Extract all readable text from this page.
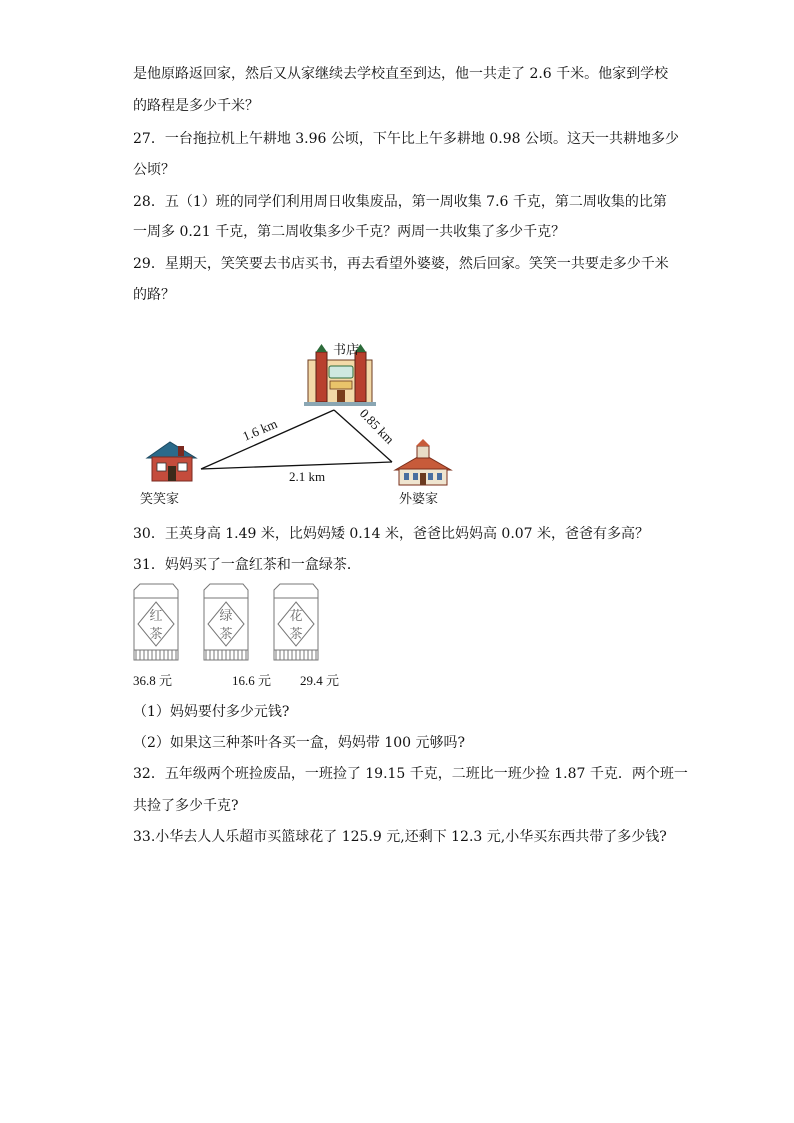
是他原路返回家，然后又从家继续去学校直至到达，他一共走了 2.6 千米。他家到学校
的路程是多少千米？
27．一台拖拉机上午耕地 3.96 公顷，下午比上午多耕地 0.98 公顷。这天一共耕地多少
公顷？
28．五（1）班的同学们利用周日收集废品，第一周收集 7.6 千克，第二周收集的比第
一周多 0.21 千克，第二周收集多少千克？两周一共收集了多少千克？
29．星期天，笑笑要去书店买书，再去看望外婆婆，然后回家。笑笑一共要走多少千米
的路？
书店
笑笑家	外婆家
1.6 km	0.85 km
2.1 km
30．王英身高 1.49 米，比妈妈矮 0.14 米，爸爸比妈妈高 0.07 米，爸爸有多高？
31．妈妈买了一盒红茶和一盒绿茶．
红
茶
绿
茶
花
茶
36.8 元	16.6 元 29.4 元
（1）妈妈要付多少元钱?
（2）如果这三种茶叶各买一盒，妈妈带 100 元够吗?
32．五年级两个班捡废品，一班捡了 19.15 千克，二班比一班少捡 1.87 千克．两个班一
共捡了多少千克?
33.小华去人人乐超市买篮球花了 125.9 元,还剩下 12.3 元,小华买东西共带了多少钱?
